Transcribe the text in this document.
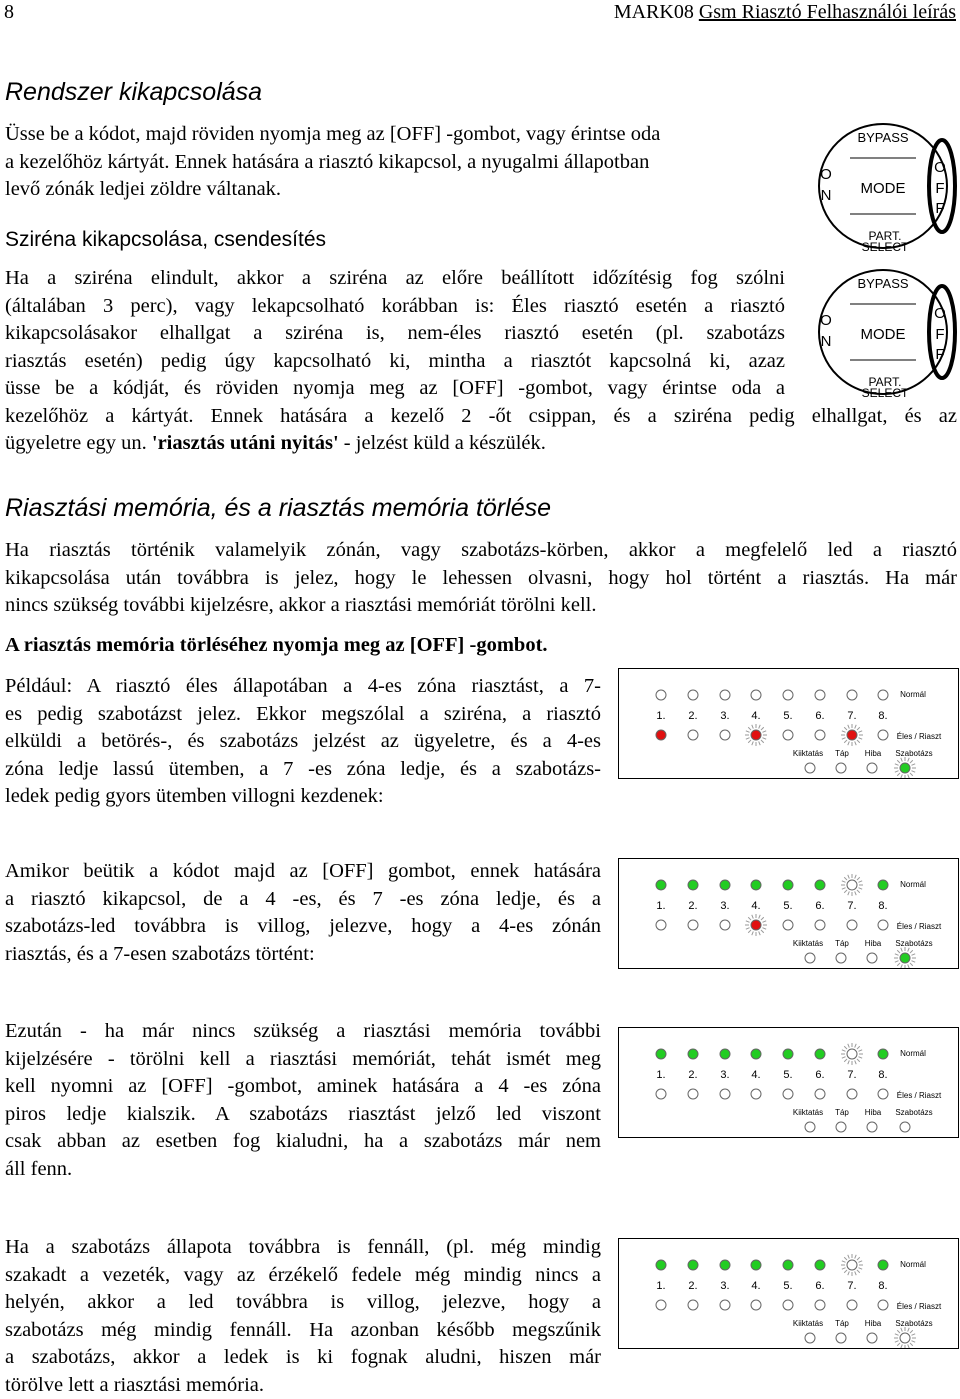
8	MARK08 Gsm Riasztó Felhasználói leírás
Rendszer kikapcsolása
Üsse be a kódot, majd röviden nyomja meg az [OFF] -gombot, vagy érintse oda
a kezelőhöz kártyát. Ennek hatására a riasztó kikapcsol, a nyugalmi állapotban
levő zónák ledjei zöldre váltanak.
Sziréna kikapcsolása, csendesítés
Ha a sziréna elindult, akkor a sziréna az előre beállított időzítésig fog szólni
(általában 3 perc), vagy lekapcsolható korábban is: Éles riasztó esetén a riasztó
kikapcsolásakor elhallgat a sziréna is, nem-éles riasztó esetén (pl. szabotázs
riasztás esetén) pedig úgy kapcsolható ki, mintha a riasztót kapcsolná ki, azaz
üsse be a kódját, és röviden nyomja meg az [OFF] -gombot, vagy érintse oda a
kezelőhöz a kártyát. Ennek hatására a kezelő 2 -őt csippan, és a sziréna pedig elhallgat, és az
ügyeletre egy un. 'riasztás utáni nyitás' - jelzést küld a készülék.
BYPASS
MODE
O
N
O
F
F
PART.
SELECT
BYPASS
MODE
O
N
O
F
F
PART.
SELECT
Riasztási memória, és a riasztás memória törlése
Ha riasztás történik valamelyik zónán, vagy szabotázs-körben, akkor a megfelelő led a riasztó
kikapcsolása után továbbra is jelez, hogy le lehessen olvasni, hogy hol történt a riasztás. Ha már
nincs szükség további kijelzésre, akkor a riasztási memóriát törölni kell.
A riasztás memória törléséhez nyomja meg az [OFF] -gombot.
Például: A riasztó éles állapotában a 4-es zóna riasztást, a 7-
es pedig szabotázst jelez. Ekkor megszólal a sziréna, a riasztó
elküldi a betörés-, és szabotázs jelzést az ügyeletre, és a 4-es
zóna ledje lassú ütemben, a 7 -es zóna ledje, és a szabotázs-
ledek pedig gyors ütemben villogni kezdenek:
1. 2. 3. 4. 5. 6. 7. 8.
Normál
Éles / Riaszt
Kiiktatás Táp Hiba Szabotázs
Amikor beütik a kódot majd az [OFF] gombot, ennek hatására
a riasztó kikapcsol, de a 4 -es, és 7 -es zóna ledje, és a
szabotázs-led továbbra is villog, jelezve, hogy a 4-es zónán
riasztás, és a 7-esen szabotázs történt:
1. 2. 3. 4. 5. 6. 7. 8.
Normál
Éles / Riaszt
Kiiktatás Táp Hiba Szabotázs
Ezután - ha már nincs szükség a riasztási memória további
kijelzésére - törölni kell a riasztási memóriát, tehát ismét meg
kell nyomni az [OFF] -gombot, aminek hatására a 4 -es zóna
piros ledje kialszik. A szabotázs riasztást jelző led viszont
csak abban az esetben fog kialudni, ha a szabotázs már nem
áll fenn.
1. 2. 3. 4. 5. 6. 7. 8.
Normál
Éles / Riaszt
Kiiktatás Táp Hiba Szabotázs
Ha a szabotázs állapota továbbra is fennáll, (pl. még mindig
szakadt a vezeték, vagy az érzékelő fedele még mindig nincs a
helyén, akkor a led továbbra is villog, jelezve, hogy a
szabotázs még mindig fennáll. Ha azonban később megszűnik
a szabotázs, akkor a ledek is ki fognak aludni, hiszen már
törölve lett a riasztási memória.
1. 2. 3. 4. 5. 6. 7. 8.
Normál
Éles / Riaszt
Kiiktatás Táp Hiba Szabotázs
